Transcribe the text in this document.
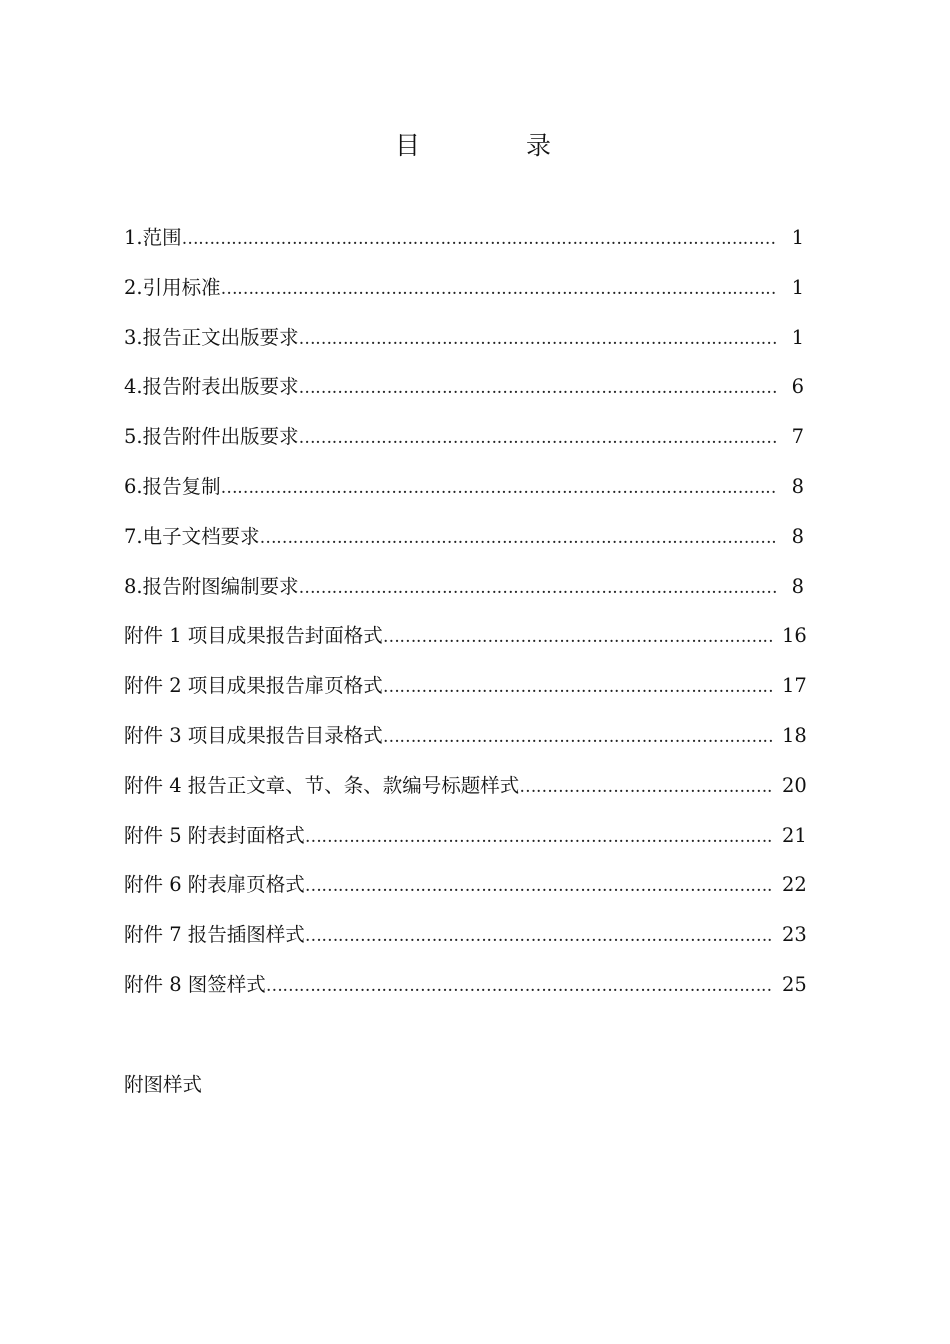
目	录
1. 范围 ……………………………………………………………………………………………………………………………………………………………………………………………	1
2. 引用标准 ……………………………………………………………………………………………………………………………………………………………………………………………	1
3. 报告正文出版要求 ……………………………………………………………………………………………………………………………………………………………………………………………	1
4. 报告附表出版要求 ……………………………………………………………………………………………………………………………………………………………………………………………	6
5. 报告附件出版要求 ……………………………………………………………………………………………………………………………………………………………………………………………	7
6. 报告复制 ……………………………………………………………………………………………………………………………………………………………………………………………	8
7. 电子文档要求 ……………………………………………………………………………………………………………………………………………………………………………………………	8
8. 报告附图编制要求 ……………………………………………………………………………………………………………………………………………………………………………………………	8
附件 1 项目成果报告封面格式 ……………………………………………………………………………………………………………………………………………………………………………………………	16
附件 2 项目成果报告扉页格式 ……………………………………………………………………………………………………………………………………………………………………………………………	17
附件 3 项目成果报告目录格式 ……………………………………………………………………………………………………………………………………………………………………………………………	18
附件 4 报告正文章、节、条、款编号标题样式 ……………………………………………………………………………………………………………………………………………………………………………………………	20
附件 5 附表封面格式 ……………………………………………………………………………………………………………………………………………………………………………………………	21
附件 6 附表扉页格式 ……………………………………………………………………………………………………………………………………………………………………………………………	22
附件 7 报告插图样式 ……………………………………………………………………………………………………………………………………………………………………………………………	23
附件 8 图签样式 ……………………………………………………………………………………………………………………………………………………………………………………………	25
附图样式
